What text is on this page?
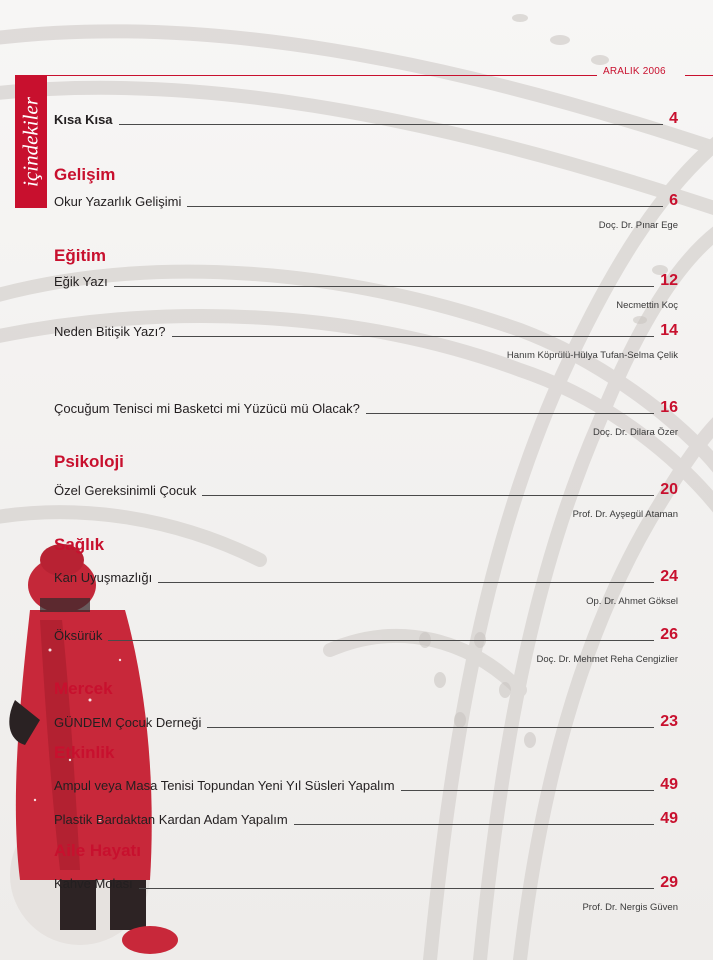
ARALIK 2006
içindekiler Kısa Kısa	4
Gelişim
Okur Yazarlık Gelişimi	6
Doç. Dr. Pınar Ege
Eğitim
Eğik Yazı	12
Necmettin Koç
Neden Bitişik Yazı?	14
Hanım Köprülü-Hülya Tufan-Selma Çelik
Çocuğum Tenisci mi Basketci mi Yüzücü mü Olacak?	16
Doç. Dr. Dilara Özer
Psikoloji
Özel Gereksinimli Çocuk	20
Prof. Dr. Ayşegül Ataman
Sağlık
Kan Uyuşmazlığı	24
Op. Dr. Ahmet Göksel
Öksürük	26
Doç. Dr. Mehmet Reha Cengizlier
Mercek
GÜNDEM Çocuk Derneği	23
Etkinlik
Ampul veya Masa Tenisi Topundan Yeni Yıl Süsleri Yapalım	49
Plastik Bardaktan Kardan Adam Yapalım	49
Aile Hayatı
Kahve Molası	29
Prof. Dr. Nergis Güven
